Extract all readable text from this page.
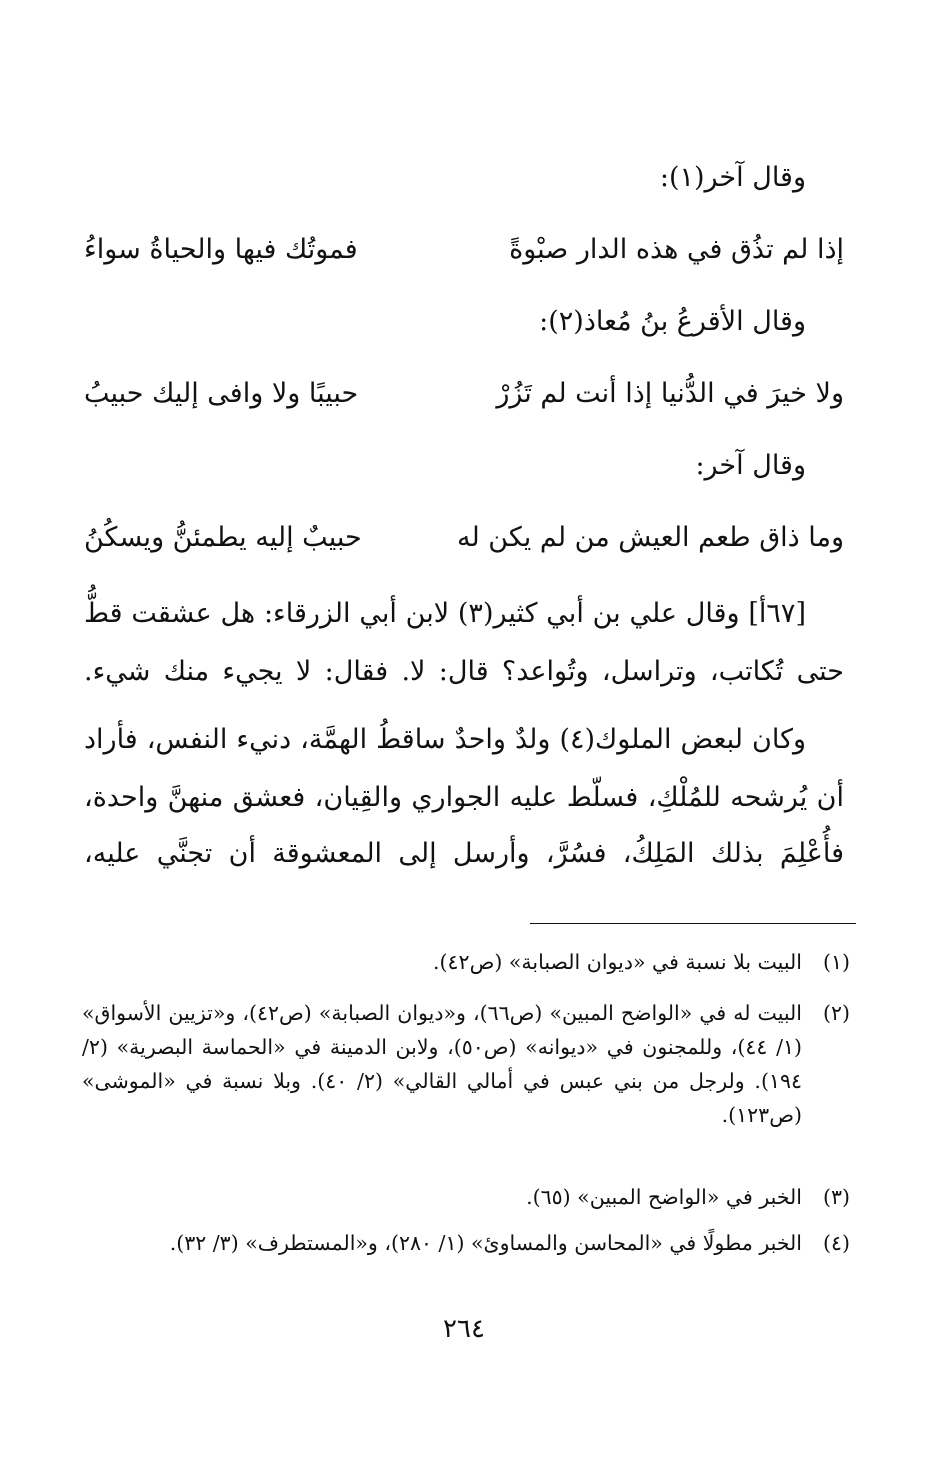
وقال آخر(١):
إذا لم تذُق في هذه الدار صبْوةً
فموتُك فيها والحياةُ سواءُ
وقال الأقرعُ بنُ مُعاذ(٢):
ولا خيرَ في الدُّنيا إذا أنت لم تَزُرْ
حبيبًا ولا وافى إليك حبيبُ
وقال آخر:
وما ذاق طعم العيش من لم يكن له
حبيبٌ إليه يطمئنُّ ويسكُنُ
[٦٧أ] وقال علي بن أبي كثير(٣) لابن أبي الزرقاء: هل عشقت قطُّ
حتى تُكاتب، وتراسل، وتُواعد؟ قال: لا. فقال: لا يجيء منك شيء.
وكان لبعض الملوك(٤) ولدٌ واحدٌ ساقطُ الهمَّة، دنيء النفس، فأراد
أن يُرشحه للمُلْكِ، فسلّط عليه الجواري والقِيان، فعشق منهنَّ واحدة،
فأُعْلِمَ بذلك المَلِكُ، فسُرَّ، وأرسل إلى المعشوقة أن تجنَّي عليه،
(١)
البيت بلا نسبة في «ديوان الصبابة» (ص٤٢).
(٢)
البيت له في «الواضح المبين» (ص٦٦)، و«ديوان الصبابة» (ص٤٢)، و«تزيين الأسواق» (١/ ٤٤)، وللمجنون في «ديوانه» (ص٥٠)، ولابن الدمينة في «الحماسة البصرية» (٢/ ١٩٤). ولرجل من بني عبس في أمالي القالي» (٢/ ٤٠). وبلا نسبة في «الموشى» (ص١٢٣).
(٣)
الخبر في «الواضح المبين» (٦٥).
(٤)
الخبر مطولًا في «المحاسن والمساوئ» (١/ ٢٨٠)، و«المستطرف» (٣/ ٣٢).
٢٦٤
